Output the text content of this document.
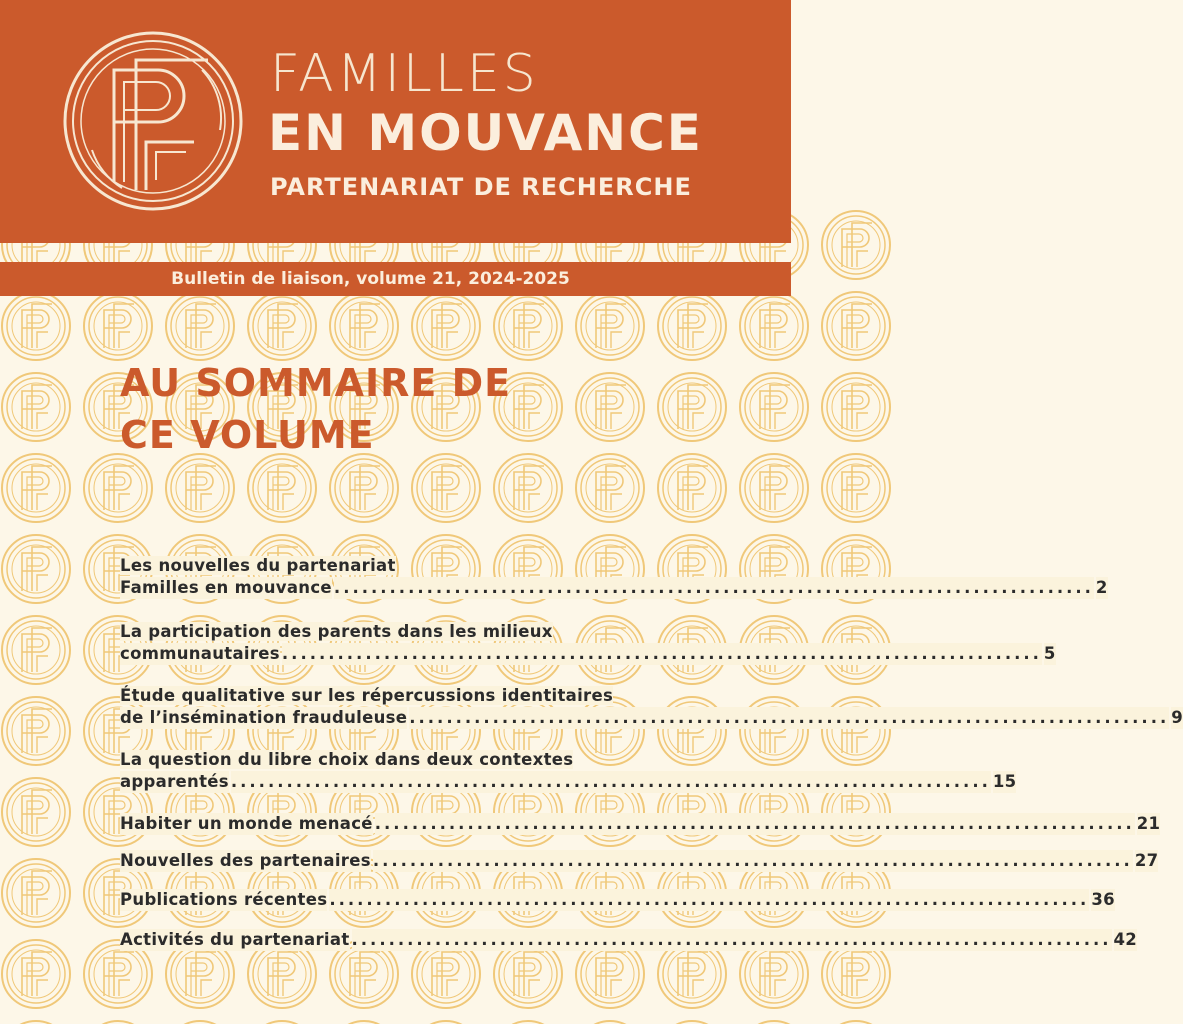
FAMILLES
EN MOUVANCE
PARTENARIAT DE RECHERCHE
Bulletin de liaison, volume 21, 2024-2025
AU SOMMAIRE DE
CE VOLUME
Les nouvelles du partenariat
Familles en mouvance .................................................................................. 2
La participation des parents dans les milieux
communautaires .................................................................................. 5
Étude qualitative sur les répercussions identitaires
de l’insémination frauduleuse .................................................................................. 9
La question du libre choix dans deux contextes
apparentés .................................................................................. 15
Habiter un monde menacé .................................................................................. 21
Nouvelles des partenaires .................................................................................. 27
Publications récentes .................................................................................. 36
Activités du partenariat .................................................................................. 42
